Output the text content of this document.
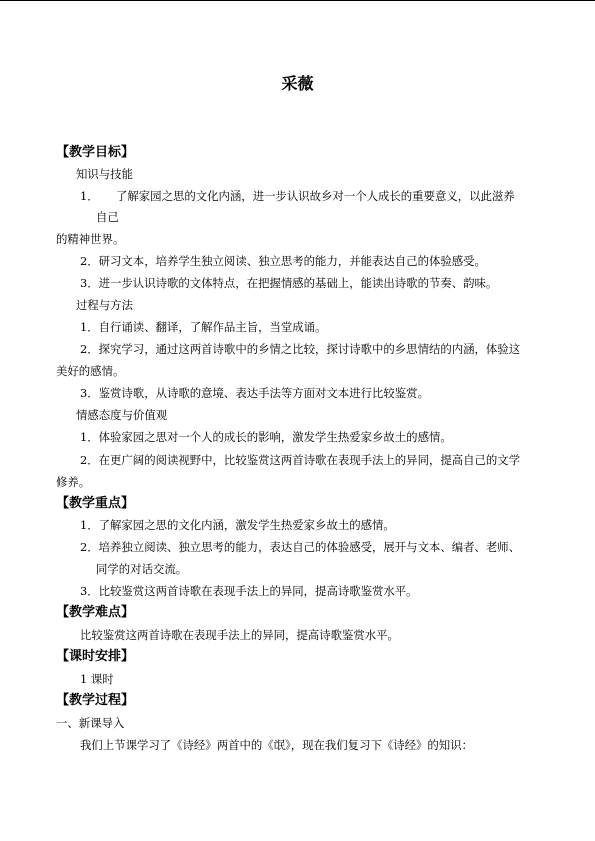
采薇
【教学目标】
知识与技能
1． 了解家园之思的文化内涵，进一步认识故乡对一个人成长的重要意义，以此滋养
自己
的精神世界。
2．研习文本，培养学生独立阅读、独立思考的能力，并能表达自己的体验感受。
3．进一步认识诗歌的文体特点，在把握情感的基础上，能读出诗歌的节奏、韵味。
过程与方法
1．自行诵读、翻译，了解作品主旨，当堂成诵。
2．探究学习，通过这两首诗歌中的乡情之比较，探讨诗歌中的乡思情结的内涵，体验这
美好的感情。
3．鉴赏诗歌，从诗歌的意境、表达手法等方面对文本进行比较鉴赏。
情感态度与价值观
1．体验家园之思对一个人的成长的影响，激发学生热爱家乡故土的感情。
2．在更广阔的阅读视野中，比较鉴赏这两首诗歌在表现手法上的异同，提高自己的文学
修养。
【教学重点】
1．了解家园之思的文化内涵，激发学生热爱家乡故土的感情。
2．培养独立阅读、独立思考的能力，表达自己的体验感受，展开与文本、编者、老师、
同学的对话交流。
3．比较鉴赏这两首诗歌在表现手法上的异同，提高诗歌鉴赏水平。
【教学难点】
比较鉴赏这两首诗歌在表现手法上的异同，提高诗歌鉴赏水平。
【课时安排】
1 课时
【教学过程】
一、新课导入
我们上节课学习了《诗经》两首中的《氓》，现在我们复习下《诗经》的知识：
